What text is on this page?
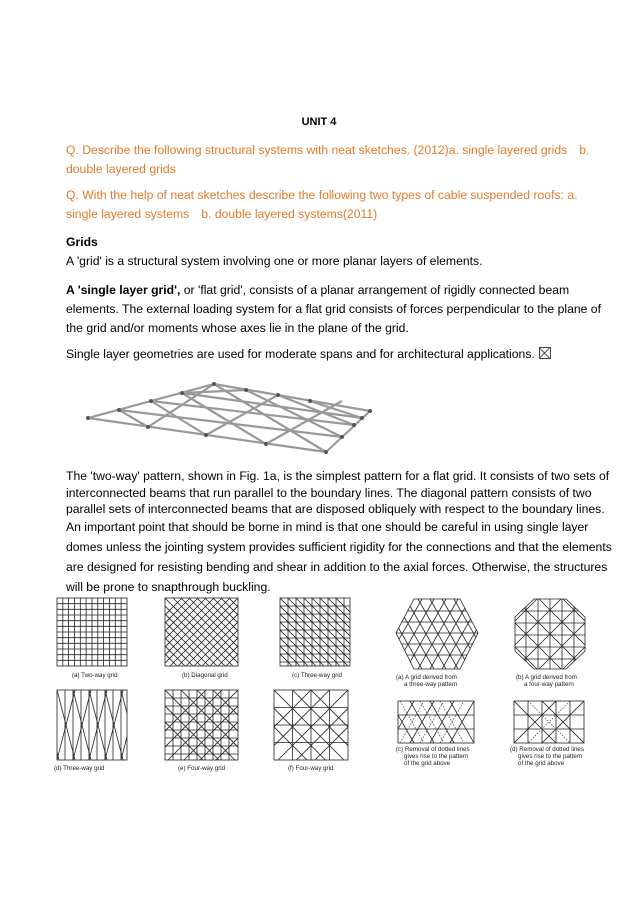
UNIT 4
Q. Describe the following structural systems with neat sketches. (2012)a. single layered grids b. double layered grids
Q. With the help of neat sketches describe the following two types of cable suspended roofs: a. single layered systems b. double layered systems(2011)
Grids
A 'grid' is a structural system involving one or more planar layers of elements.
A 'single layer grid', or 'flat grid', consists of a planar arrangement of rigidly connected beam elements. The external loading system for a flat grid consists of forces perpendicular to the plane of the grid and/or moments whose axes lie in the plane of the grid.
Single layer geometries are used for moderate spans and for architectural applications.
The 'two-way' pattern, shown in Fig. 1a, is the simplest pattern for a flat grid. It consists of two sets of interconnected beams that run parallel to the boundary lines. The diagonal pattern consists of two parallel sets of interconnected beams that are disposed obliquely with respect to the boundary lines.
An important point that should be borne in mind is that one should be careful in using single layer domes unless the jointing system provides sufficient rigidity for the connections and that the elements are designed for resisting bending and shear in addition to the axial forces. Otherwise, the structures will be prone to snapthrough buckling.
(a) Two-way grid	(b) Diagonal grid	(c) Three-way grid	(a) A grid derived from
a three-way pattern
(b) A grid derived from
a four-way pattern
(d) Three-way grid	(e) Four-way grid	(f) Four-way grid
(c) Removal of dotted lines
gives rise to the pattern
of the grid above
(d) Removal of dotted lines
gives rise to the pattern
of the grid above
